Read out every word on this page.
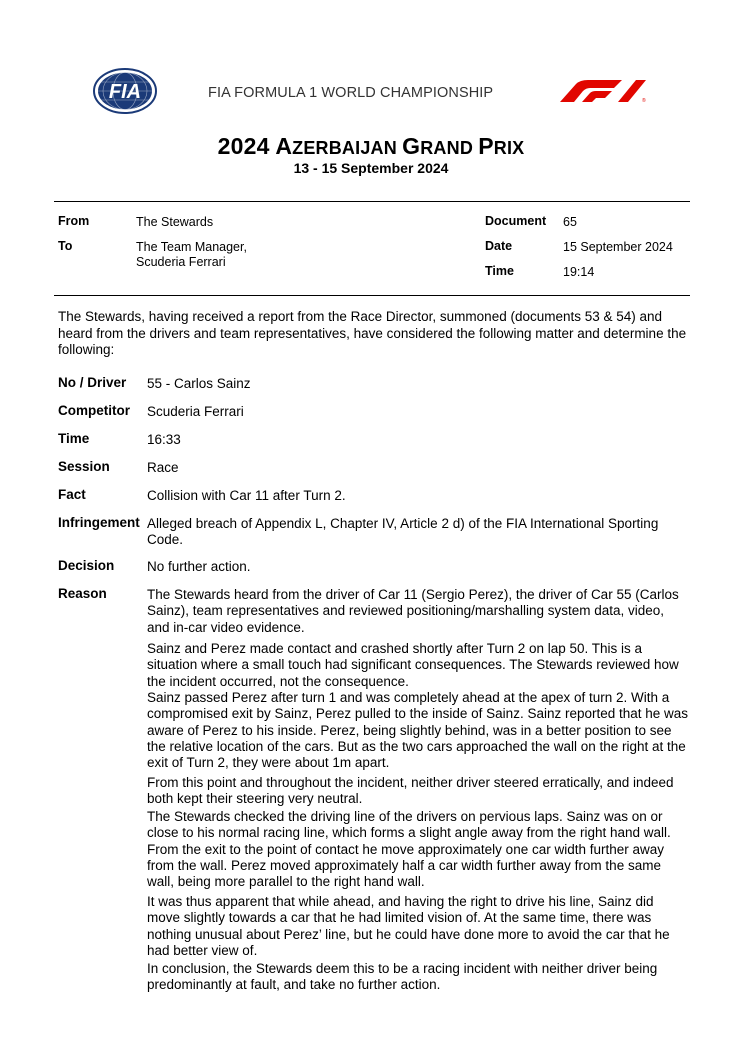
FIA	FIA FORMULA 1 WORLD CHAMPIONSHIP	®
2024 AZERBAIJAN GRAND PRIX
13 - 15 September 2024
From	The Stewards
To	The Team Manager,
Scuderia Ferrari
Document 65
Date	15 September 2024
Time	19:14
The Stewards, having received a report from the Race Director, summoned (documents 53 & 54) and heard from the drivers and team representatives, have considered the following matter and determine the following:
No / Driver 55 - Carlos Sainz
Competitor Scuderia Ferrari
Time	16:33
Session	Race
Fact	Collision with Car 11 after Turn 2.
Infringement Alleged breach of Appendix L, Chapter IV, Article 2 d) of the FIA International Sporting Code.
Decision No further action.
Reason	The Stewards heard from the driver of Car 11 (Sergio Perez), the driver of Car 55 (Carlos Sainz), team representatives and reviewed positioning/marshalling system data, video, and in-car video evidence.
Sainz and Perez made contact and crashed shortly after Turn 2 on lap 50. This is a situation where a small touch had significant consequences. The Stewards reviewed how the incident occurred, not the consequence.
Sainz passed Perez after turn 1 and was completely ahead at the apex of turn 2. With a compromised exit by Sainz, Perez pulled to the inside of Sainz. Sainz reported that he was aware of Perez to his inside. Perez, being slightly behind, was in a better position to see the relative location of the cars. But as the two cars approached the wall on the right at the exit of Turn 2, they were about 1m apart.
From this point and throughout the incident, neither driver steered erratically, and indeed both kept their steering very neutral.
The Stewards checked the driving line of the drivers on pervious laps. Sainz was on or close to his normal racing line, which forms a slight angle away from the right hand wall. From the exit to the point of contact he move approximately one car width further away from the wall. Perez moved approximately half a car width further away from the same wall, being more parallel to the right hand wall.
It was thus apparent that while ahead, and having the right to drive his line, Sainz did move slightly towards a car that he had limited vision of. At the same time, there was nothing unusual about Perez’ line, but he could have done more to avoid the car that he had better view of.
In conclusion, the Stewards deem this to be a racing incident with neither driver being predominantly at fault, and take no further action.
